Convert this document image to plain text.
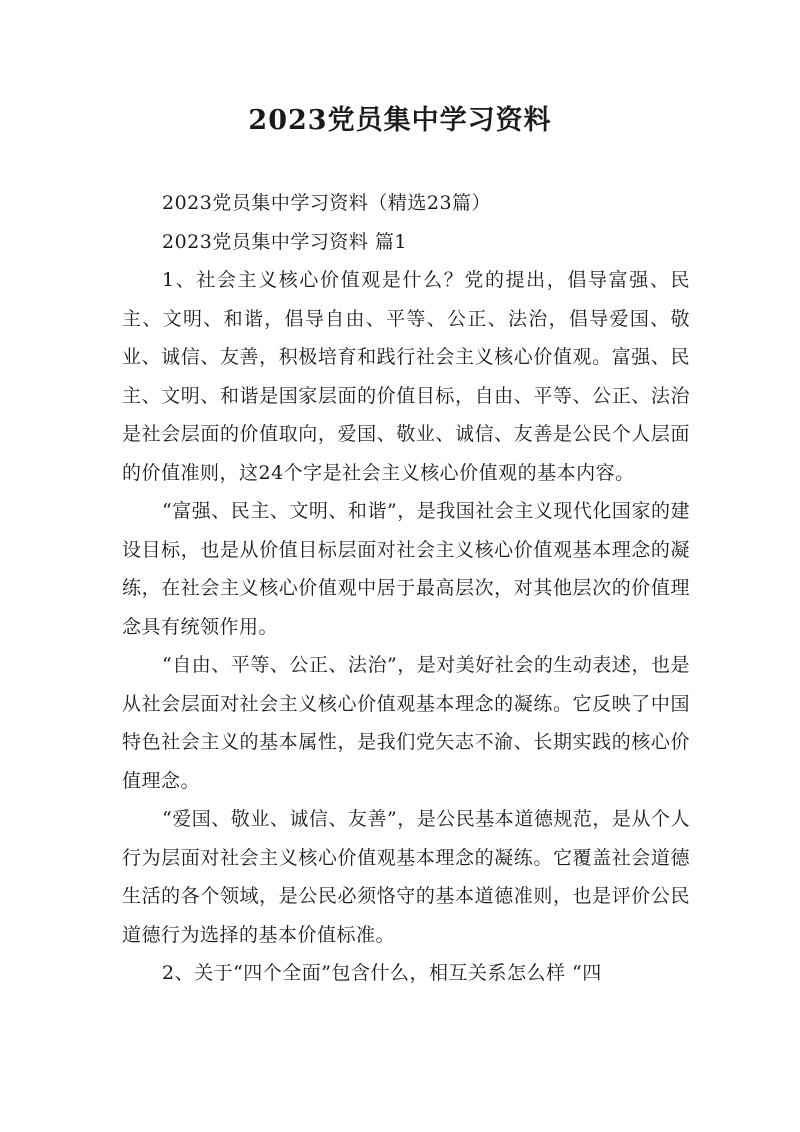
2023党员集中学习资料

2023党员集中学习资料（精选23篇）

2023党员集中学习资料 篇1

1、社会主义核心价值观是什么？党的提出，倡导富强、民主、文明、和谐，倡导自由、平等、公正、法治，倡导爱国、敬业、诚信、友善，积极培育和践行社会主义核心价值观。富强、民主、文明、和谐是国家层面的价值目标，自由、平等、公正、法治是社会层面的价值取向，爱国、敬业、诚信、友善是公民个人层面的价值准则，这24个字是社会主义核心价值观的基本内容。

“富强、民主、文明、和谐”，是我国社会主义现代化国家的建设目标，也是从价值目标层面对社会主义核心价值观基本理念的凝练，在社会主义核心价值观中居于最高层次，对其他层次的价值理念具有统领作用。

“自由、平等、公正、法治”，是对美好社会的生动表述，也是从社会层面对社会主义核心价值观基本理念的凝练。它反映了中国特色社会主义的基本属性，是我们党矢志不渝、长期实践的核心价值理念。

“爱国、敬业、诚信、友善”，是公民基本道德规范，是从个人行为层面对社会主义核心价值观基本理念的凝练。它覆盖社会道德生活的各个领域，是公民必须恪守的基本道德准则，也是评价公民道德行为选择的基本价值标准。

2、关于“四个全面”包含什么，相互关系怎么样 “四
